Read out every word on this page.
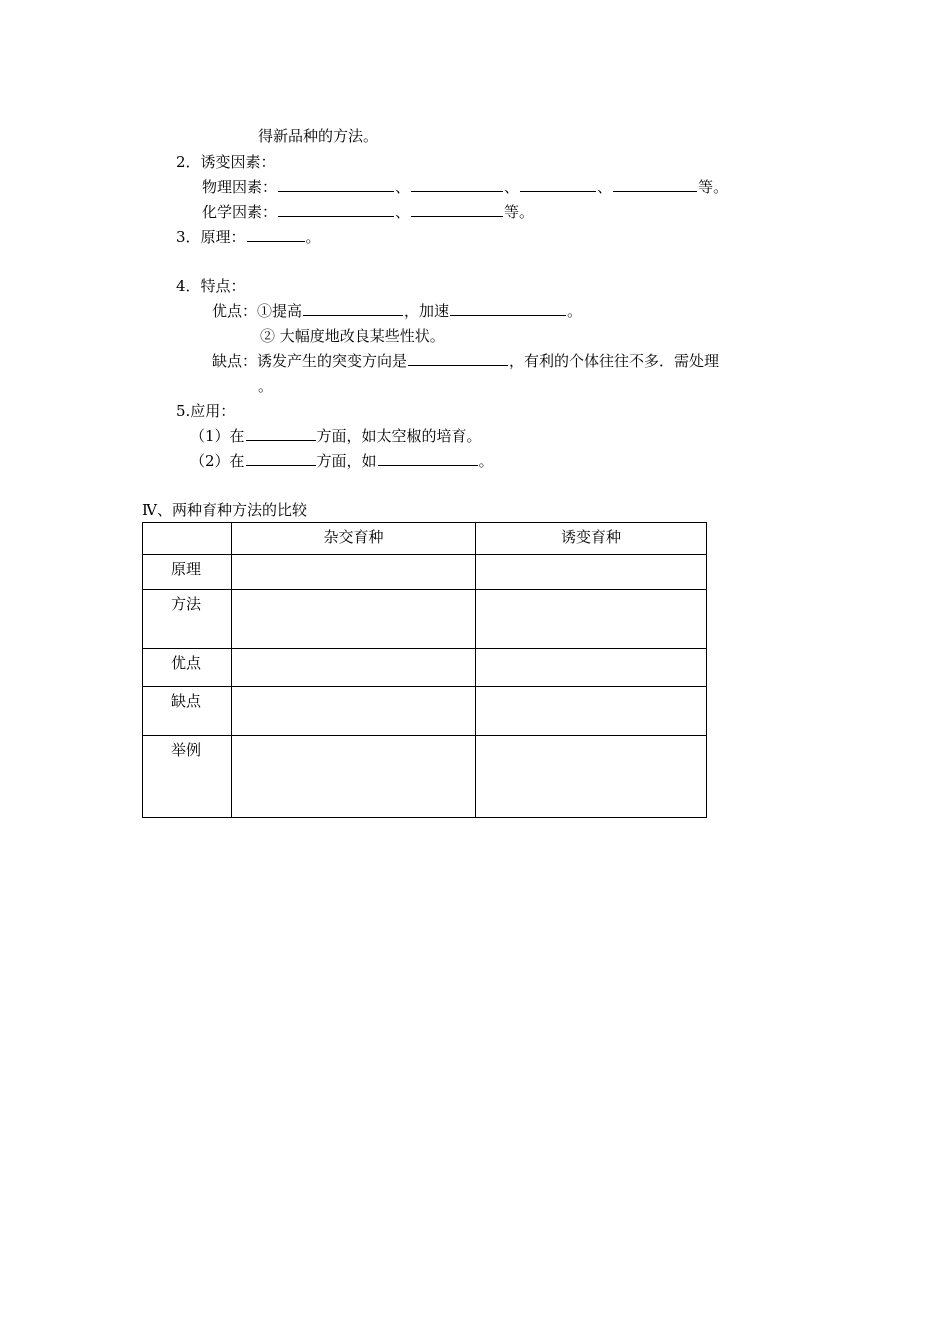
得新品种的方法。
2．诱变因素：
物理因素：	、	、	、	等。
化学因素：	、	等。
3．原理：	。
4．特点：
优点：①提高	，加速	。
② 大幅度地改良某些性状。
缺点：诱发产生的突变方向是	，有利的个体往往不多．需处理
。
5.应用：
（1）在	方面，如太空椒的培育。
（2）在	方面，如	。
Ⅳ、两种育种方法的比较
	杂交育种	诱变育种
原理		
方法		
优点		
缺点		
举例		
